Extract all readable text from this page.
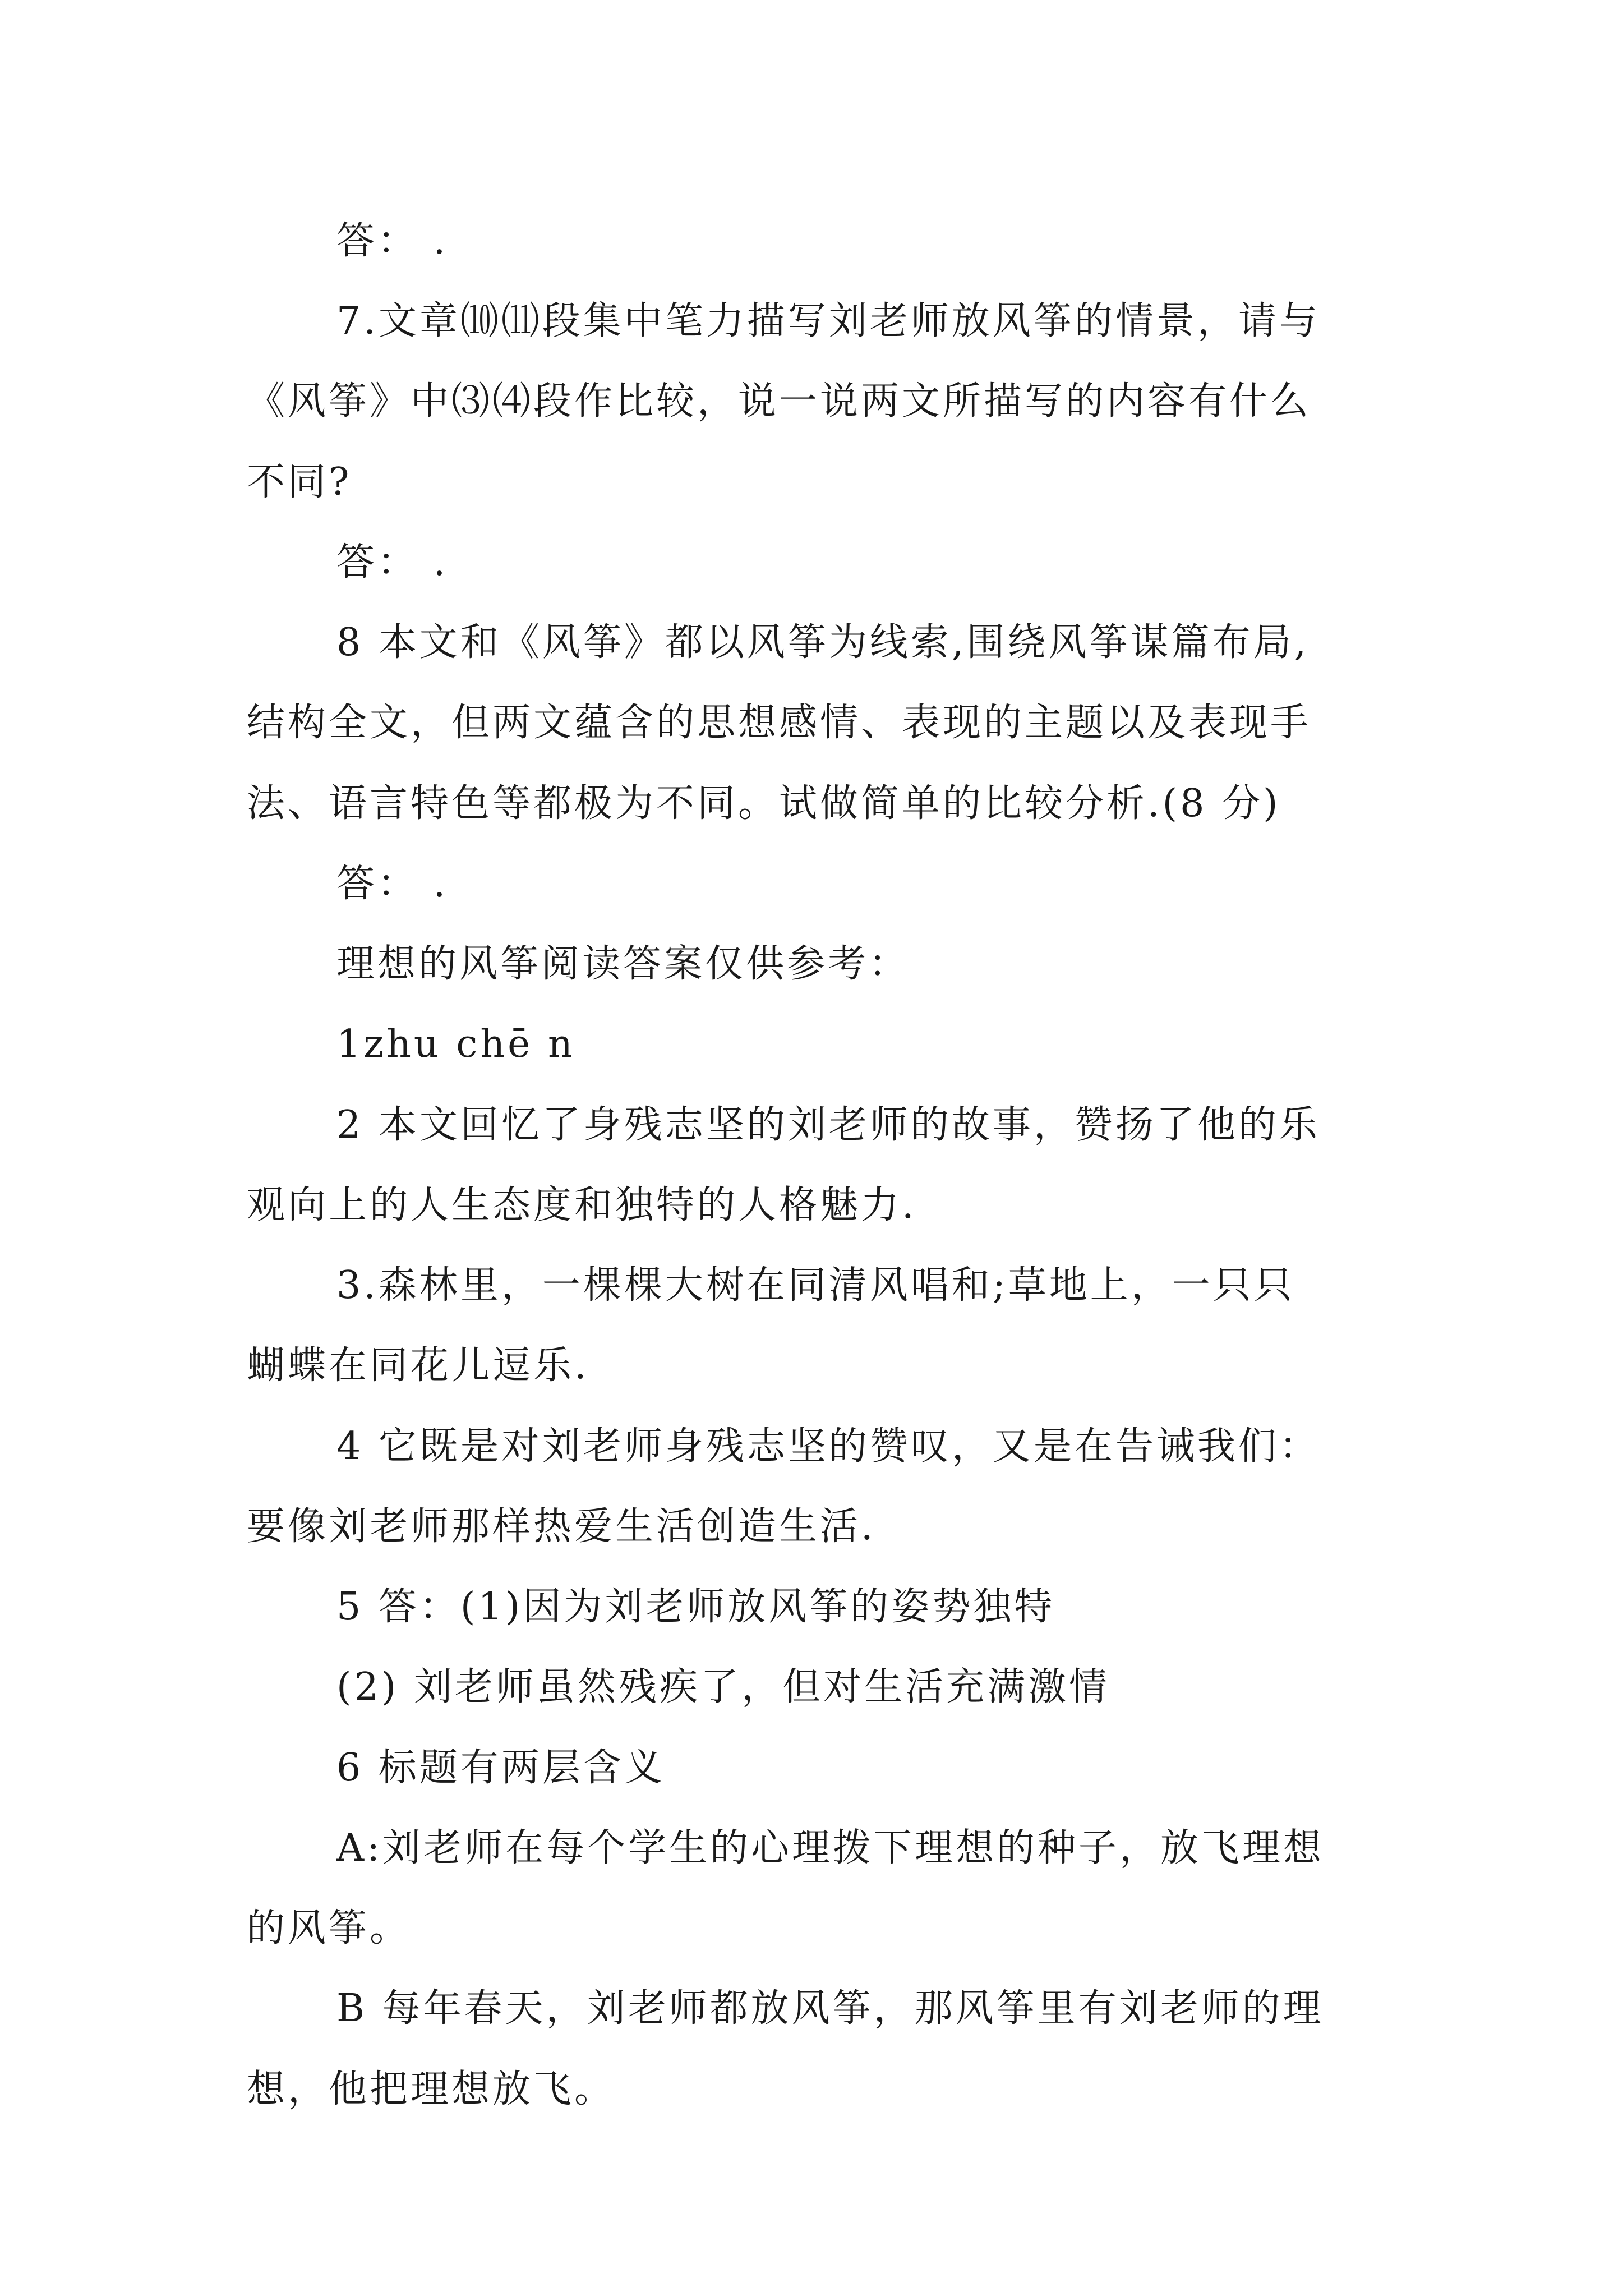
答： .

7.文章⑽⑾段集中笔力描写刘老师放风筝的情景，请与

《风筝》中⑶⑷段作比较，说一说两文所描写的内容有什么

不同?

答： .

8 本文和《风筝》都以风筝为线索,围绕风筝谋篇布局,

结构全文，但两文蕴含的思想感情、表现的主题以及表现手

法、语言特色等都极为不同。试做简单的比较分析.(8 分)

答： .

理想的风筝阅读答案仅供参考：

1zhu chē n

2 本文回忆了身残志坚的刘老师的故事，赞扬了他的乐

观向上的人生态度和独特的人格魅力.

3.森林里，一棵棵大树在同清风唱和;草地上，一只只

蝴蝶在同花儿逗乐.

4 它既是对刘老师身残志坚的赞叹，又是在告诫我们：

要像刘老师那样热爱生活创造生活.

5 答：(1)因为刘老师放风筝的姿势独特

(2) 刘老师虽然残疾了，但对生活充满激情

6 标题有两层含义

A:刘老师在每个学生的心理拨下理想的种子，放飞理想

的风筝。

B 每年春天，刘老师都放风筝，那风筝里有刘老师的理

想，他把理想放飞。
